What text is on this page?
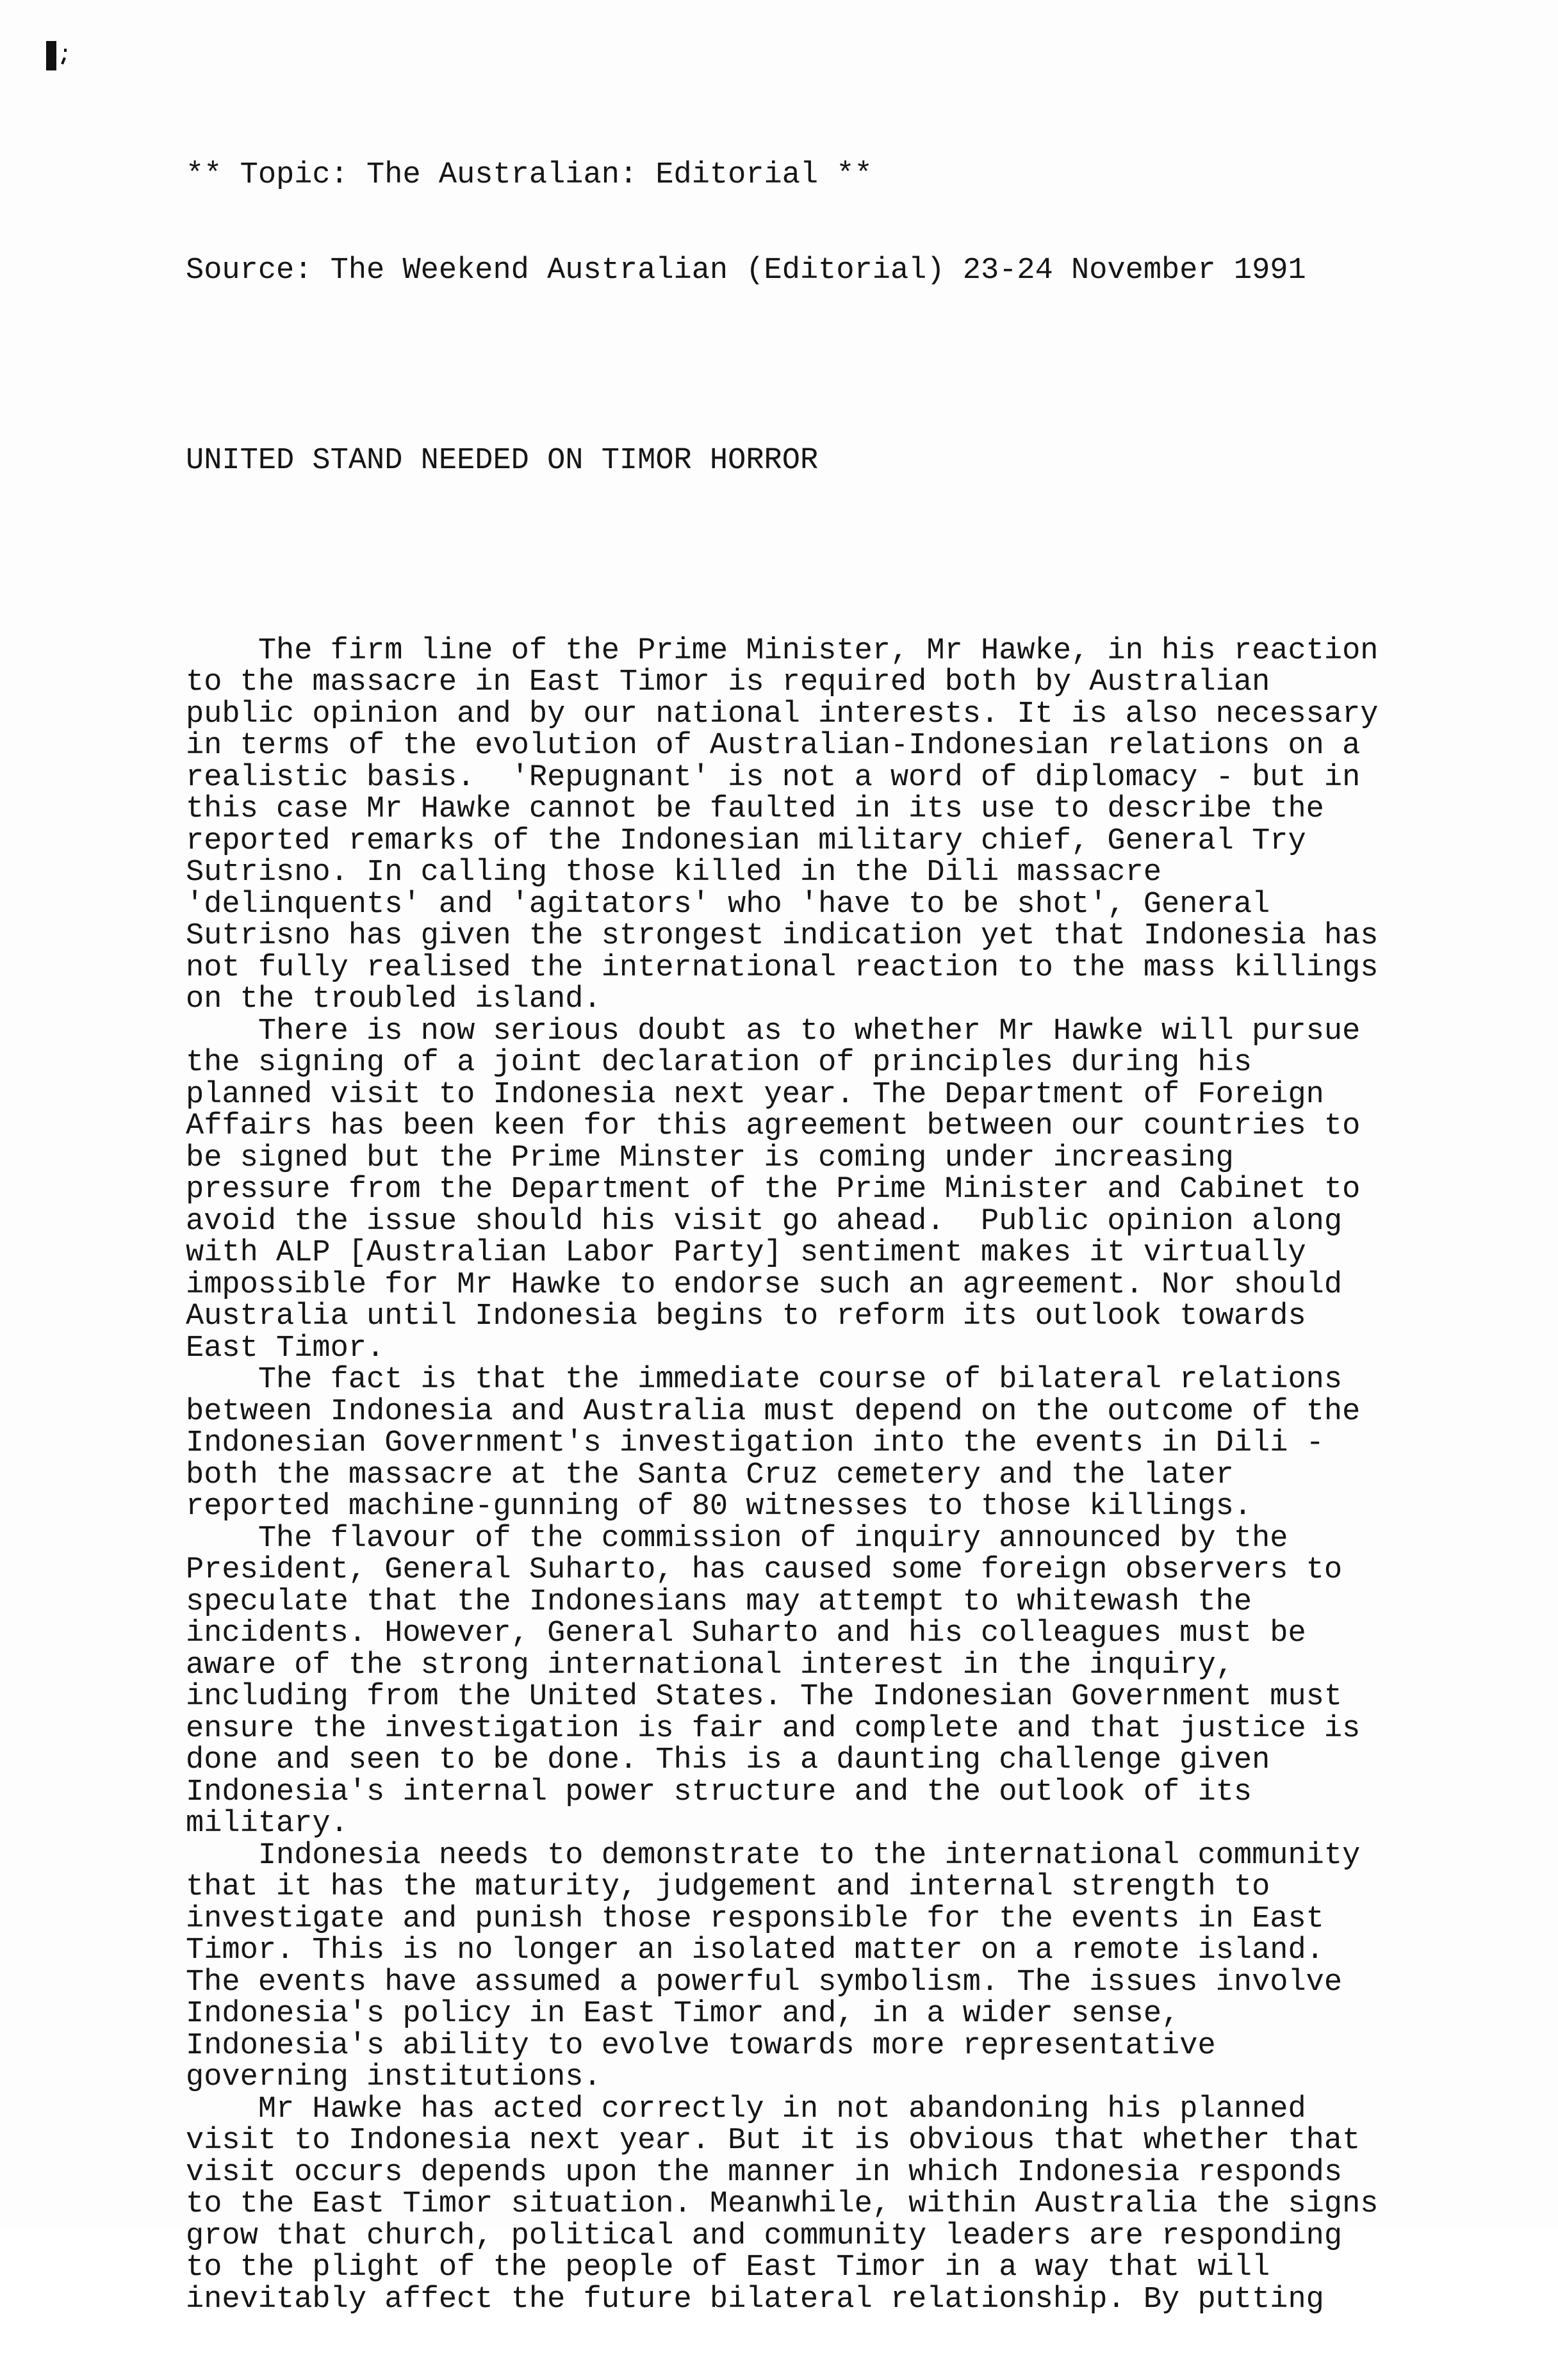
** Topic: The Australian: Editorial **

Source: The Weekend Australian (Editorial) 23-24 November 1991

UNITED STAND NEEDED ON TIMOR HORROR

The firm line of the Prime Minister, Mr Hawke, in his reaction
to the massacre in East Timor is required both by Australian
public opinion and by our national interests. It is also necessary
in terms of the evolution of Australian-Indonesian relations on a
realistic basis.  'Repugnant' is not a word of diplomacy - but in
this case Mr Hawke cannot be faulted in its use to describe the
reported remarks of the Indonesian military chief, General Try
Sutrisno. In calling those killed in the Dili massacre
'delinquents' and 'agitators' who 'have to be shot', General
Sutrisno has given the strongest indication yet that Indonesia has
not fully realised the international reaction to the mass killings
on the troubled island.
There is now serious doubt as to whether Mr Hawke will pursue
the signing of a joint declaration of principles during his
planned visit to Indonesia next year. The Department of Foreign
Affairs has been keen for this agreement between our countries to
be signed but the Prime Minster is coming under increasing
pressure from the Department of the Prime Minister and Cabinet to
avoid the issue should his visit go ahead.  Public opinion along
with ALP [Australian Labor Party] sentiment makes it virtually
impossible for Mr Hawke to endorse such an agreement. Nor should
Australia until Indonesia begins to reform its outlook towards
East Timor.
The fact is that the immediate course of bilateral relations
between Indonesia and Australia must depend on the outcome of the
Indonesian Government's investigation into the events in Dili -
both the massacre at the Santa Cruz cemetery and the later
reported machine-gunning of 80 witnesses to those killings.
The flavour of the commission of inquiry announced by the
President, General Suharto, has caused some foreign observers to
speculate that the Indonesians may attempt to whitewash the
incidents. However, General Suharto and his colleagues must be
aware of the strong international interest in the inquiry,
including from the United States. The Indonesian Government must
ensure the investigation is fair and complete and that justice is
done and seen to be done. This is a daunting challenge given
Indonesia's internal power structure and the outlook of its
military.
Indonesia needs to demonstrate to the international community
that it has the maturity, judgement and internal strength to
investigate and punish those responsible for the events in East
Timor. This is no longer an isolated matter on a remote island.
The events have assumed a powerful symbolism. The issues involve
Indonesia's policy in East Timor and, in a wider sense,
Indonesia's ability to evolve towards more representative
governing institutions.
Mr Hawke has acted correctly in not abandoning his planned
visit to Indonesia next year. But it is obvious that whether that
visit occurs depends upon the manner in which Indonesia responds
to the East Timor situation. Meanwhile, within Australia the signs
grow that church, political and community leaders are responding
to the plight of the people of East Timor in a way that will
inevitably affect the future bilateral relationship. By putting
